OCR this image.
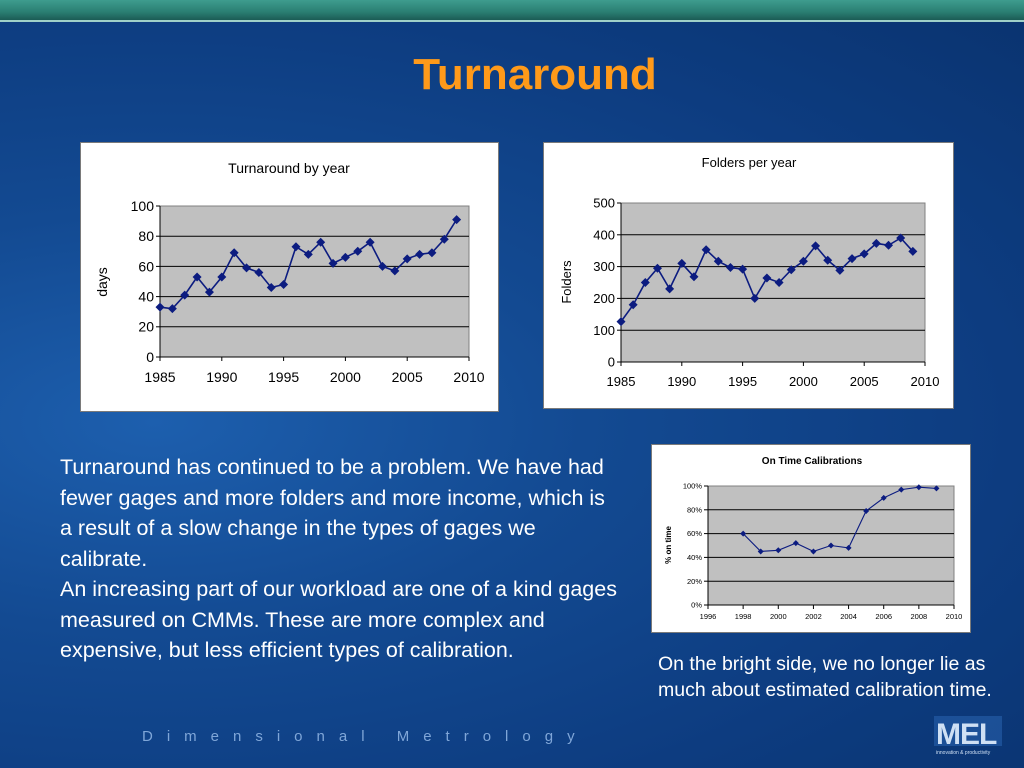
Turnaround
Turnaround by year
days
0
20
40
60
80
100
1985 1990 1995 2000 2005 2010
Folders per year
Folders
0
100
200
300
400
500
1985 1990 1995 2000 2005 2010
On Time Calibrations
% on time
0%
20%
40%
60%
80%
100%
1996 1998 2000 2002 2004 2006 2008 2010

Turnaround has continued to be a problem. We have had fewer gages and more folders and more income, which is a result of a slow change in the types of gages we calibrate.

An increasing part of our workload are one of a kind gages measured on CMMs. These are more complex and expensive, but less efficient types of calibration.

On the bright side, we no longer lie as much about estimated calibration time.
Dimensional Metrology	MEL
innovation & productivity
